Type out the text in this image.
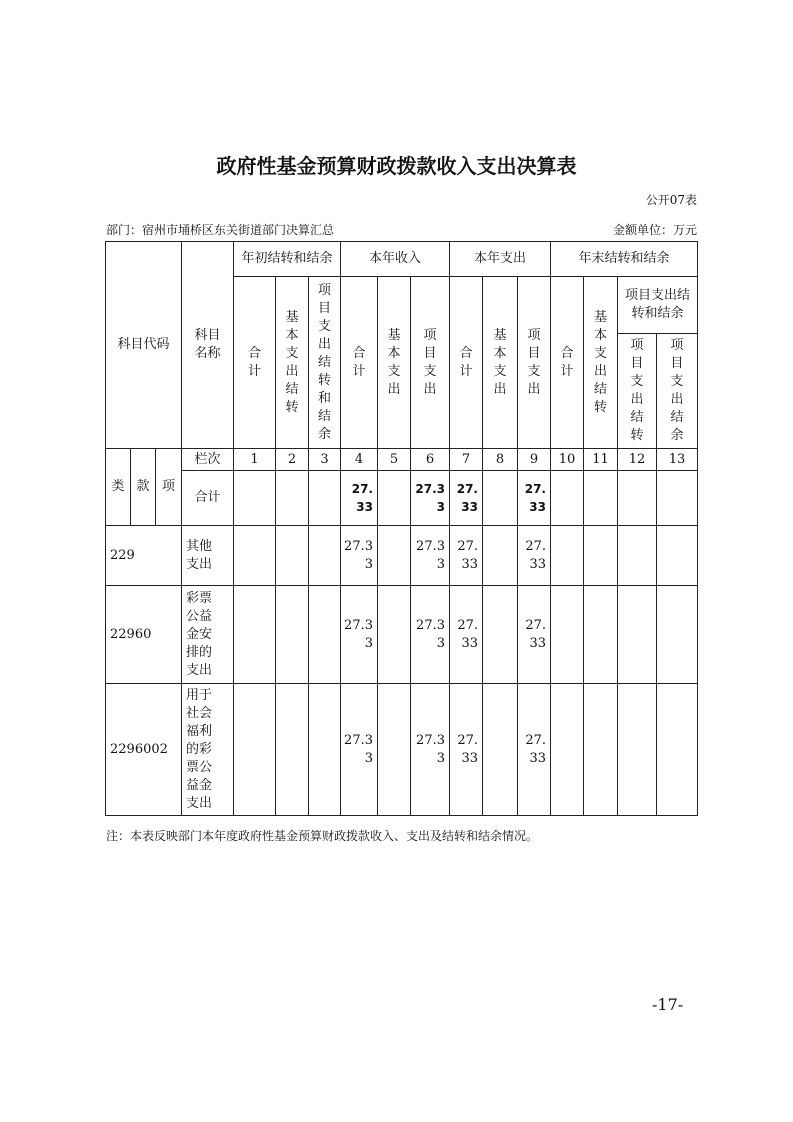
政府性基金预算财政拨款收入支出决算表
公开07表
部门：宿州市埇桥区东关街道部门决算汇总	金额单位：万元
科目代码			科目名称	年初结转和结余			本年收入			本年支出			年末结转和结余			
				合计	基本支出结转	项目支出结转和结余	合计	基本支出	项目支出	合计	基本支出	项目支出	合计	基本支出结转	项目支出结转和结余	
															项目支出结转	项目支出结余
类	款	项	栏次	1	2	3	4	5	6	7	8	9	10	11	12	13
			合计				27.33		27.33	27.33		27.33				
229			其他支出				27.33		27.33	27.33		27.33				
22960			彩票公益金安排的支出				27.33		27.33	27.33		27.33				
2296002			用于社会福利的彩票公益金支出				27.33		27.33	27.33		27.33				
注：本表反映部门本年度政府性基金预算财政拨款收入、支出及结转和结余情况。
-17-
